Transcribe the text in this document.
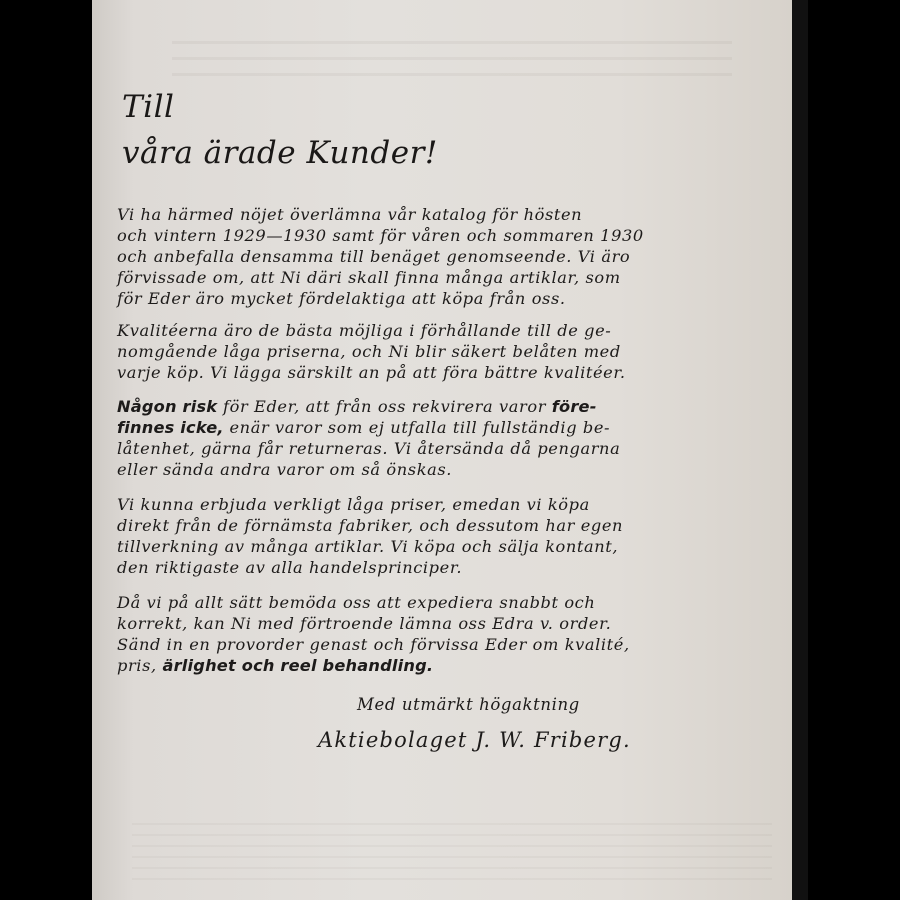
Till
våra ärade Kunder!
Vi ha härmed nöjet överlämna vår katalog för hösten
och vintern 1929—1930 samt för våren och sommaren 1930
och anbefalla densamma till benäget genomseende. Vi äro
förvissade om, att Ni däri skall finna många artiklar, som
för Eder äro mycket fördelaktiga att köpa från oss.
Kvalitéerna äro de bästa möjliga i förhållande till de ge-
nomgående låga priserna, och Ni blir säkert belåten med
varje köp. Vi lägga särskilt an på att föra bättre kvalitéer.
Någon risk för Eder, att från oss rekvirera varor före-
finnes icke, enär varor som ej utfalla till fullständig be-
låtenhet, gärna får returneras. Vi återsända då pengarna
eller sända andra varor om så önskas.
Vi kunna erbjuda verkligt låga priser, emedan vi köpa
direkt från de förnämsta fabriker, och dessutom har egen
tillverkning av många artiklar. Vi köpa och sälja kontant,
den riktigaste av alla handelsprinciper.
Då vi på allt sätt bemöda oss att expediera snabbt och
korrekt, kan Ni med förtroende lämna oss Edra v. order.
Sänd in en provorder genast och förvissa Eder om kvalité,
pris, ärlighet och reel behandling.
Med utmärkt högaktning
Aktiebolaget J. W. Friberg.
